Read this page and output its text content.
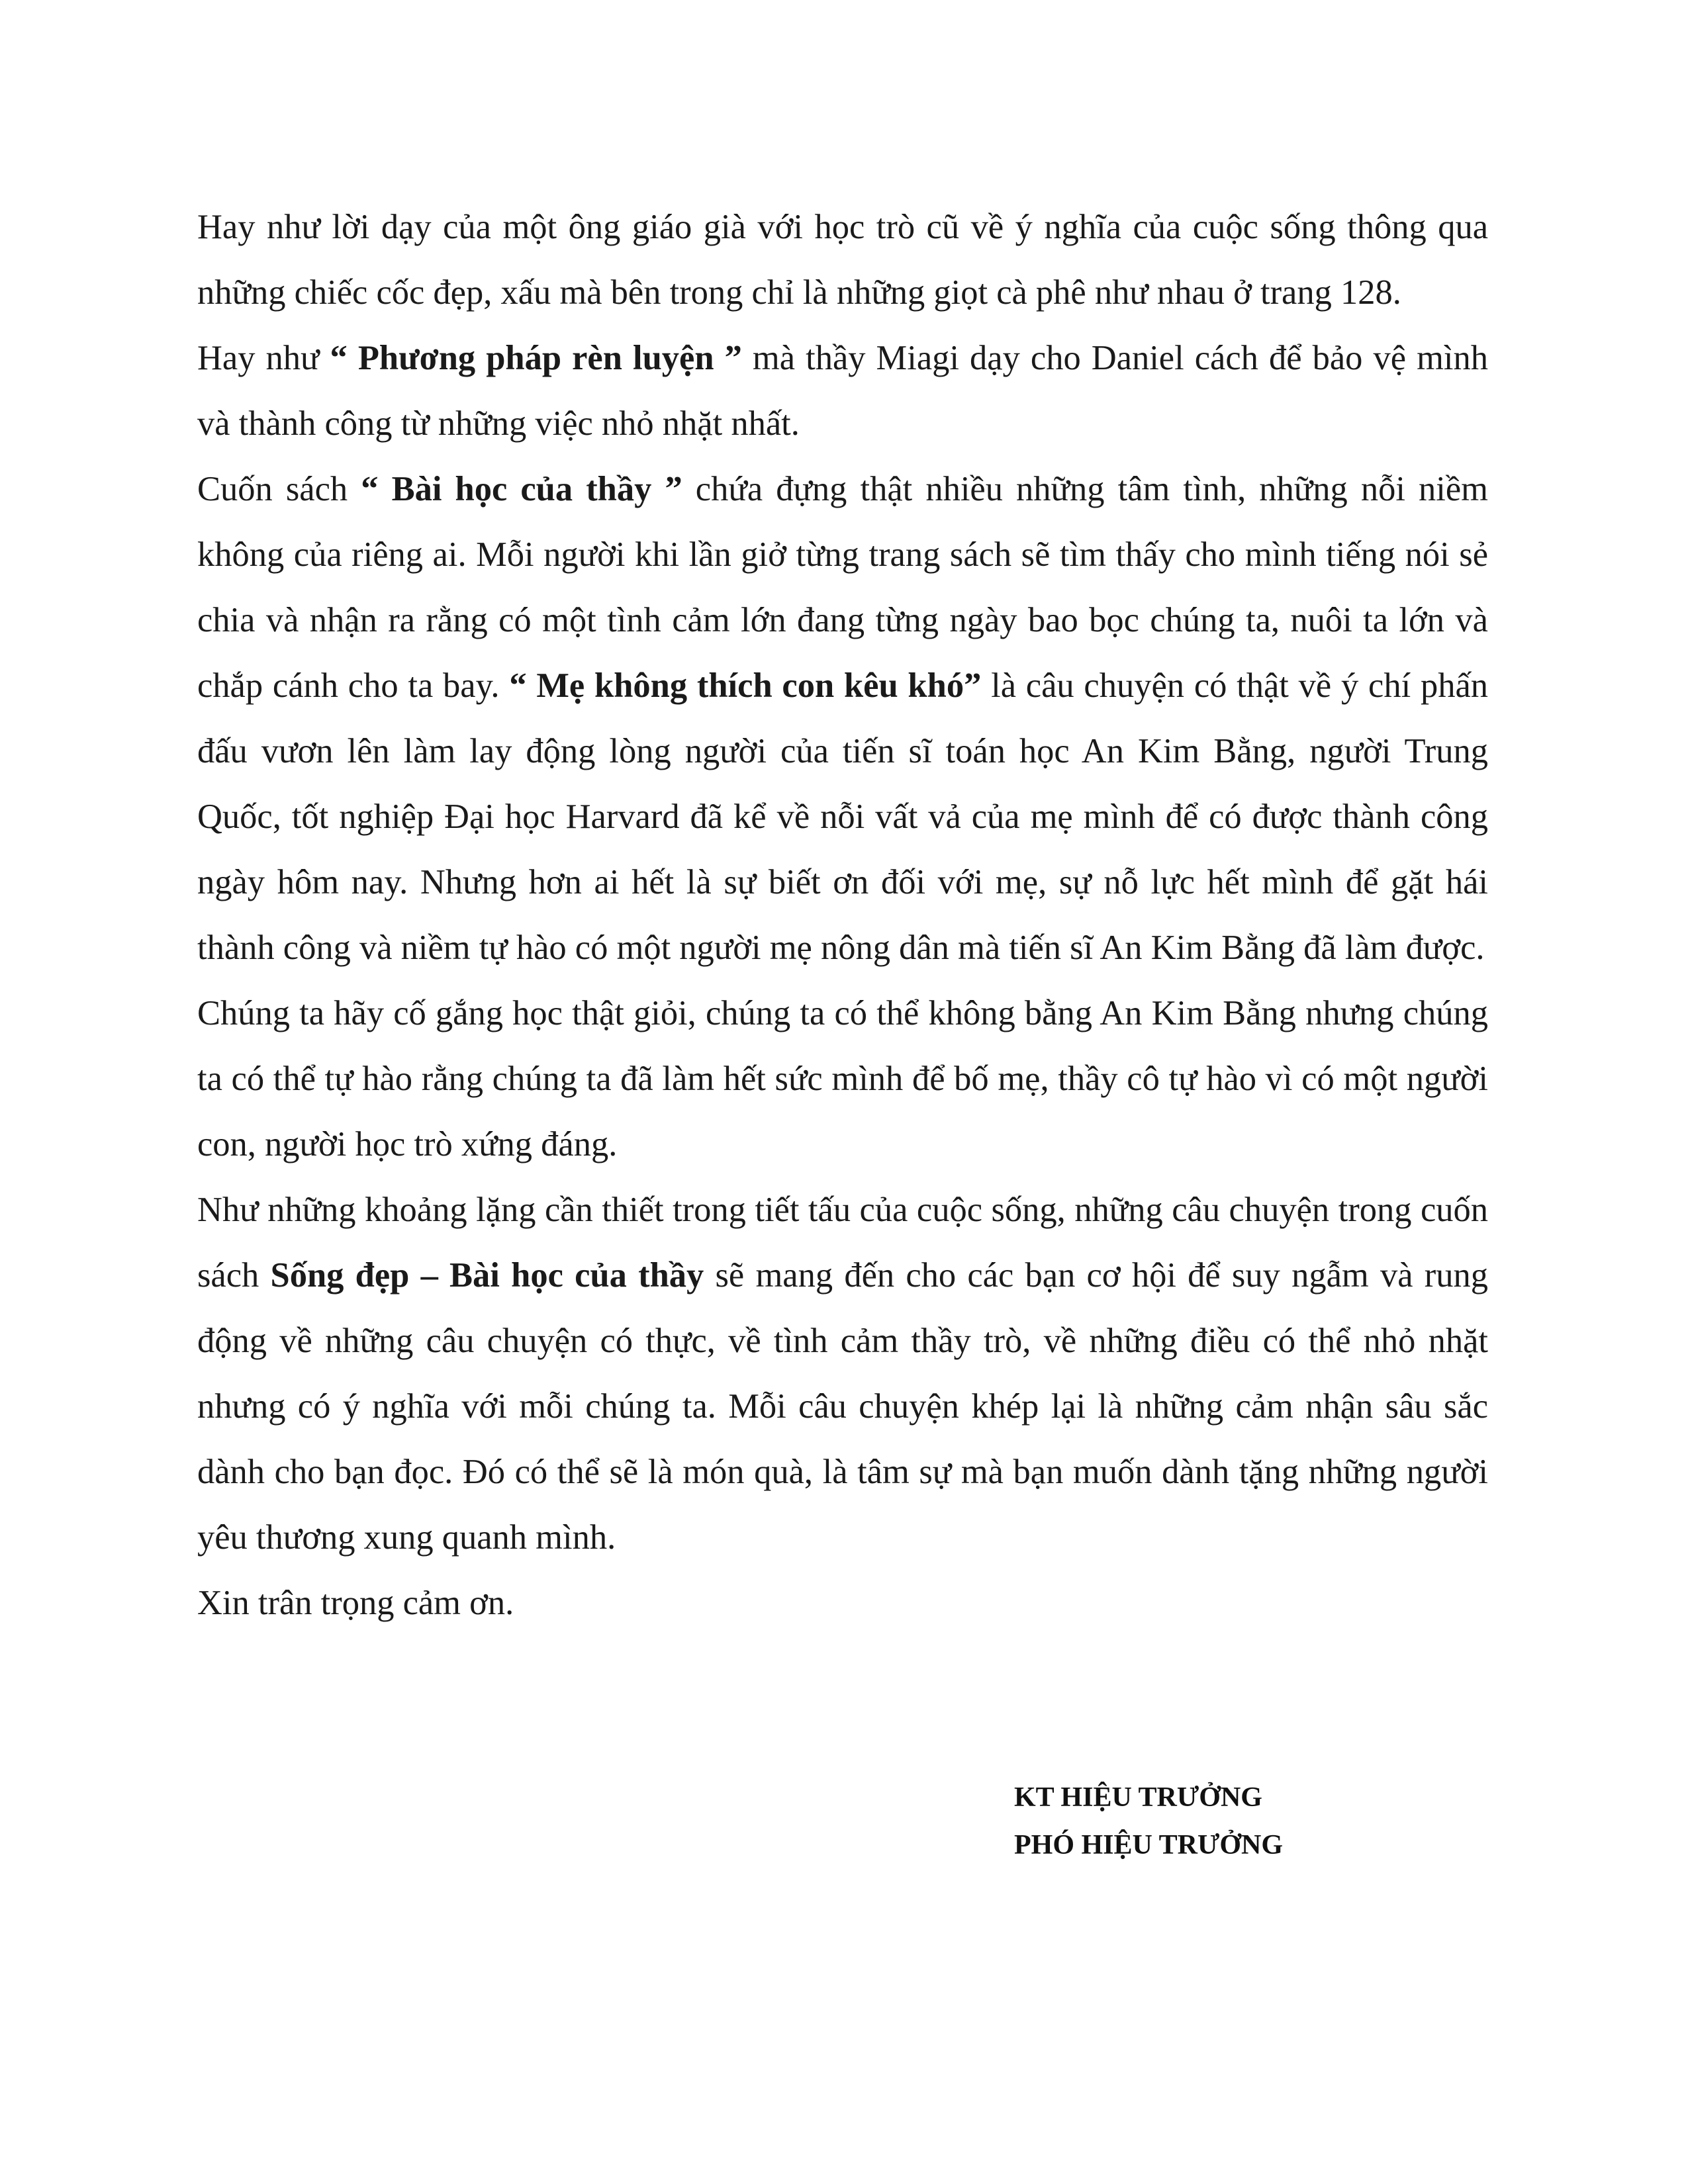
Hay như lời dạy của một ông giáo già với học trò cũ về ý nghĩa của cuộc sống thông qua những chiếc cốc đẹp, xấu mà bên trong chỉ là những giọt cà phê như nhau ở trang 128.

Hay như “ Phương pháp rèn luyện ” mà thầy Miagi dạy cho Daniel cách để bảo vệ mình và thành công từ những việc nhỏ nhặt nhất.

Cuốn sách “ Bài học của thầy ” chứa đựng thật nhiều những tâm tình, những nỗi niềm không của riêng ai. Mỗi người khi lần giở từng trang sách sẽ tìm thấy cho mình tiếng nói sẻ chia và nhận ra rằng có một tình cảm lớn đang từng ngày bao bọc chúng ta, nuôi ta lớn và chắp cánh cho ta bay. “ Mẹ không thích con kêu khó” là câu chuyện có thật về ý chí phấn đấu vươn lên làm lay động lòng người của tiến sĩ toán học An Kim Bằng, người Trung Quốc, tốt nghiệp Đại học Harvard đã kể về nỗi vất vả của mẹ mình để có được thành công ngày hôm nay. Nhưng hơn ai hết là sự biết ơn đối với mẹ, sự nỗ lực hết mình để gặt hái thành công và niềm tự hào có một người mẹ nông dân mà tiến sĩ An Kim Bằng đã làm được.

Chúng ta hãy cố gắng học thật giỏi, chúng ta có thể không bằng An Kim Bằng nhưng chúng ta có thể tự hào rằng chúng ta đã làm hết sức mình để bố mẹ, thầy cô tự hào vì có một người con, người học trò xứng đáng.

Như những khoảng lặng cần thiết trong tiết tấu của cuộc sống, những câu chuyện trong cuốn sách Sống đẹp – Bài học của thầy sẽ mang đến cho các bạn cơ hội để suy ngẫm và rung động về những câu chuyện có thực, về tình cảm thầy trò, về những điều có thể nhỏ nhặt nhưng có ý nghĩa với mỗi chúng ta. Mỗi câu chuyện khép lại là những cảm nhận sâu sắc dành cho bạn đọc. Đó có thể sẽ là món quà, là tâm sự mà bạn muốn dành tặng những người yêu thương xung quanh mình.

Xin trân trọng cảm ơn.

KT HIỆU TRƯỞNG
PHÓ HIỆU TRƯỞNG
